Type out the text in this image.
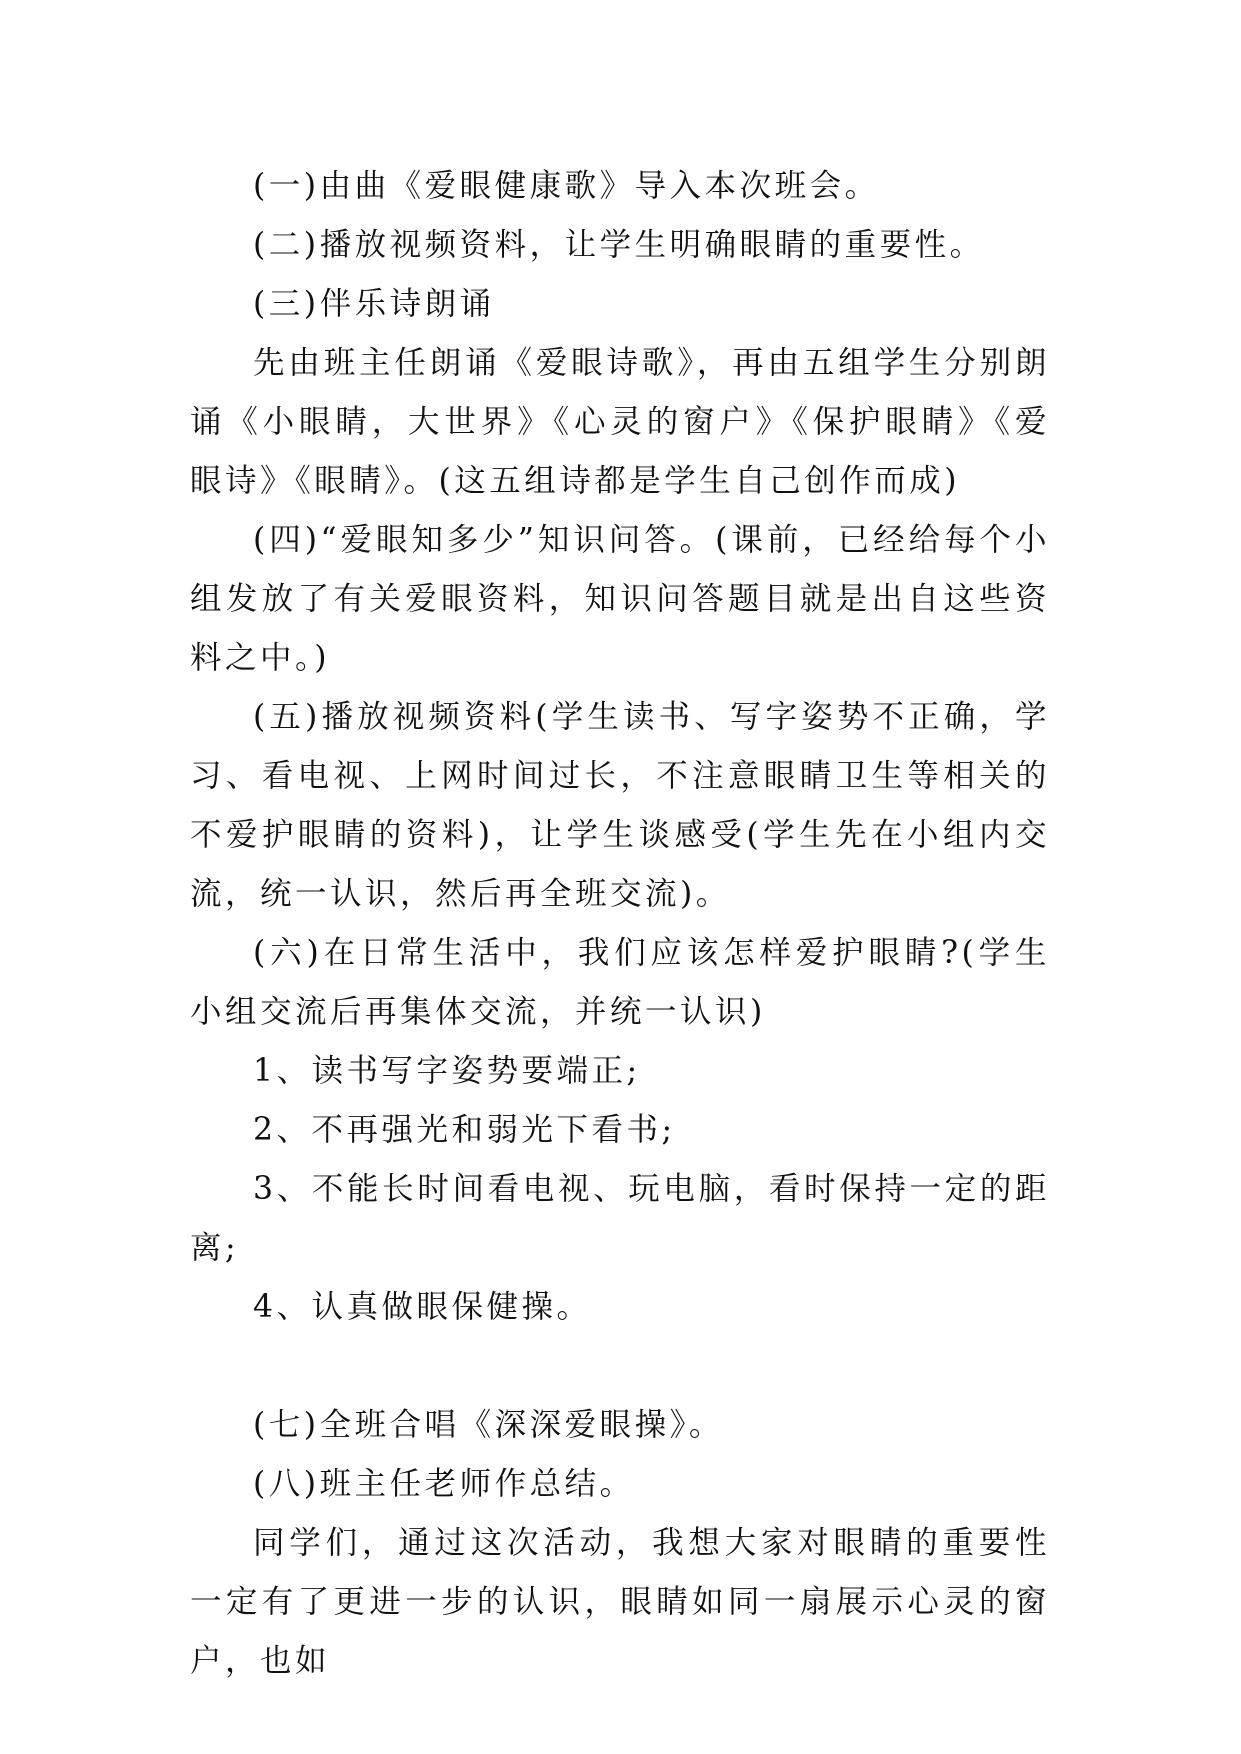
(一)由曲《爱眼健康歌》导入本次班会。

(二)播放视频资料，让学生明确眼睛的重要性。

(三)伴乐诗朗诵

先由班主任朗诵《爱眼诗歌》，再由五组学生分别朗诵《小眼睛，大世界》《心灵的窗户》《保护眼睛》《爱眼诗》《眼睛》。(这五组诗都是学生自己创作而成)

(四)“爱眼知多少”知识问答。(课前，已经给每个小组发放了有关爱眼资料，知识问答题目就是出自这些资料之中。)

(五)播放视频资料(学生读书、写字姿势不正确，学习、看电视、上网时间过长，不注意眼睛卫生等相关的不爱护眼睛的资料)，让学生谈感受(学生先在小组内交流，统一认识，然后再全班交流)。

(六)在日常生活中，我们应该怎样爱护眼睛?(学生小组交流后再集体交流，并统一认识)

1、读书写字姿势要端正;

2、不再强光和弱光下看书;

3、不能长时间看电视、玩电脑，看时保持一定的距离;

4、认真做眼保健操。

(七)全班合唱《深深爱眼操》。

(八)班主任老师作总结。

同学们，通过这次活动，我想大家对眼睛的重要性一定有了更进一步的认识，眼睛如同一扇展示心灵的窗户，也如
